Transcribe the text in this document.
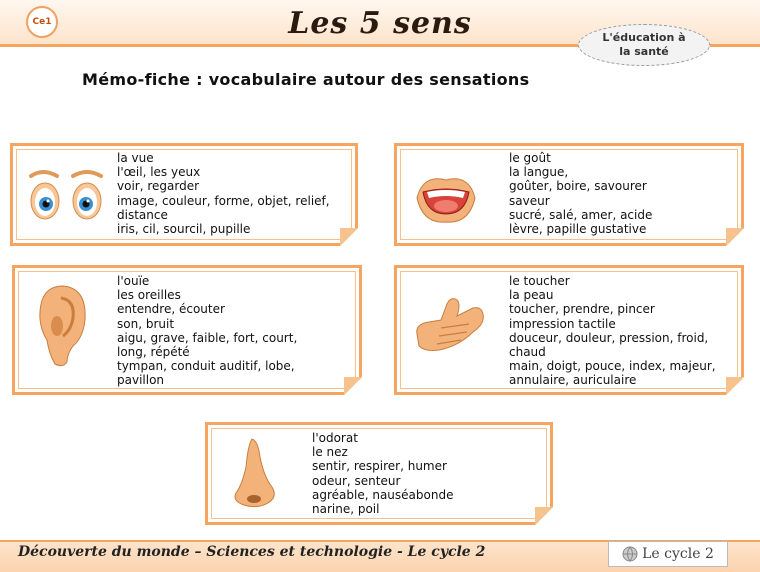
Ce1	Les 5 sens	L'éducation à la santé
Mémo-fiche : vocabulaire autour des sensations
la vue
l'œil, les yeux
voir, regarder
image, couleur, forme, objet, relief,
distance
iris, cil, sourcil, pupille
le goût
la langue,
goûter, boire, savourer
saveur
sucré, salé, amer, acide
lèvre, papille gustative
l'ouïe
les oreilles
entendre, écouter
son, bruit
aigu, grave, faible, fort, court,
long, répété
tympan, conduit auditif, lobe,
pavillon
le toucher
la peau
toucher, prendre, pincer
impression tactile
douceur, douleur, pression, froid,
chaud
main, doigt, pouce, index, majeur,
annulaire, auriculaire
l'odorat
le nez
sentir, respirer, humer
odeur, senteur
agréable, nauséabonde
narine, poil
Découverte du monde – Sciences et technologie - Le cycle 2	Le cycle 2
